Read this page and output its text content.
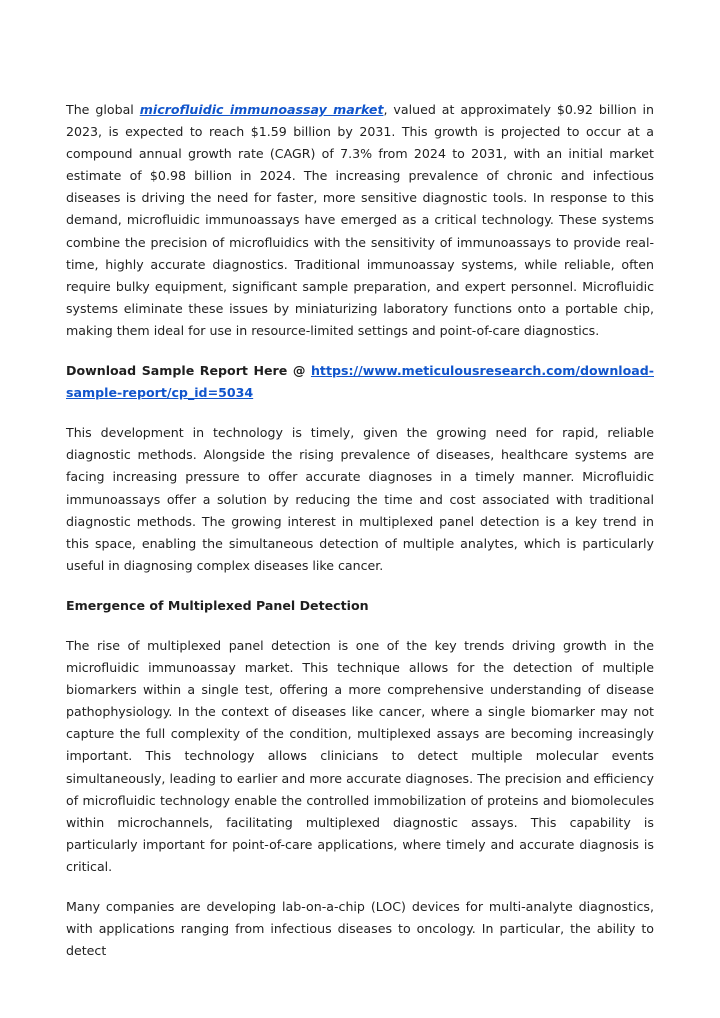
The global microfluidic immunoassay market, valued at approximately $0.92 billion in 2023, is expected to reach $1.59 billion by 2031. This growth is projected to occur at a compound annual growth rate (CAGR) of 7.3% from 2024 to 2031, with an initial market estimate of $0.98 billion in 2024. The increasing prevalence of chronic and infectious diseases is driving the need for faster, more sensitive diagnostic tools. In response to this demand, microfluidic immunoassays have emerged as a critical technology. These systems combine the precision of microfluidics with the sensitivity of immunoassays to provide real-time, highly accurate diagnostics. Traditional immunoassay systems, while reliable, often require bulky equipment, significant sample preparation, and expert personnel. Microfluidic systems eliminate these issues by miniaturizing laboratory functions onto a portable chip, making them ideal for use in resource-limited settings and point-of-care diagnostics.

Download Sample Report Here @ https://www.meticulousresearch.com/download-sample-report/cp_id=5034

This development in technology is timely, given the growing need for rapid, reliable diagnostic methods. Alongside the rising prevalence of diseases, healthcare systems are facing increasing pressure to offer accurate diagnoses in a timely manner. Microfluidic immunoassays offer a solution by reducing the time and cost associated with traditional diagnostic methods. The growing interest in multiplexed panel detection is a key trend in this space, enabling the simultaneous detection of multiple analytes, which is particularly useful in diagnosing complex diseases like cancer.

Emergence of Multiplexed Panel Detection

The rise of multiplexed panel detection is one of the key trends driving growth in the microfluidic immunoassay market. This technique allows for the detection of multiple biomarkers within a single test, offering a more comprehensive understanding of disease pathophysiology. In the context of diseases like cancer, where a single biomarker may not capture the full complexity of the condition, multiplexed assays are becoming increasingly important. This technology allows clinicians to detect multiple molecular events simultaneously, leading to earlier and more accurate diagnoses. The precision and efficiency of microfluidic technology enable the controlled immobilization of proteins and biomolecules within microchannels, facilitating multiplexed diagnostic assays. This capability is particularly important for point-of-care applications, where timely and accurate diagnosis is critical.

Many companies are developing lab-on-a-chip (LOC) devices for multi-analyte diagnostics, with applications ranging from infectious diseases to oncology. In particular, the ability to detect
